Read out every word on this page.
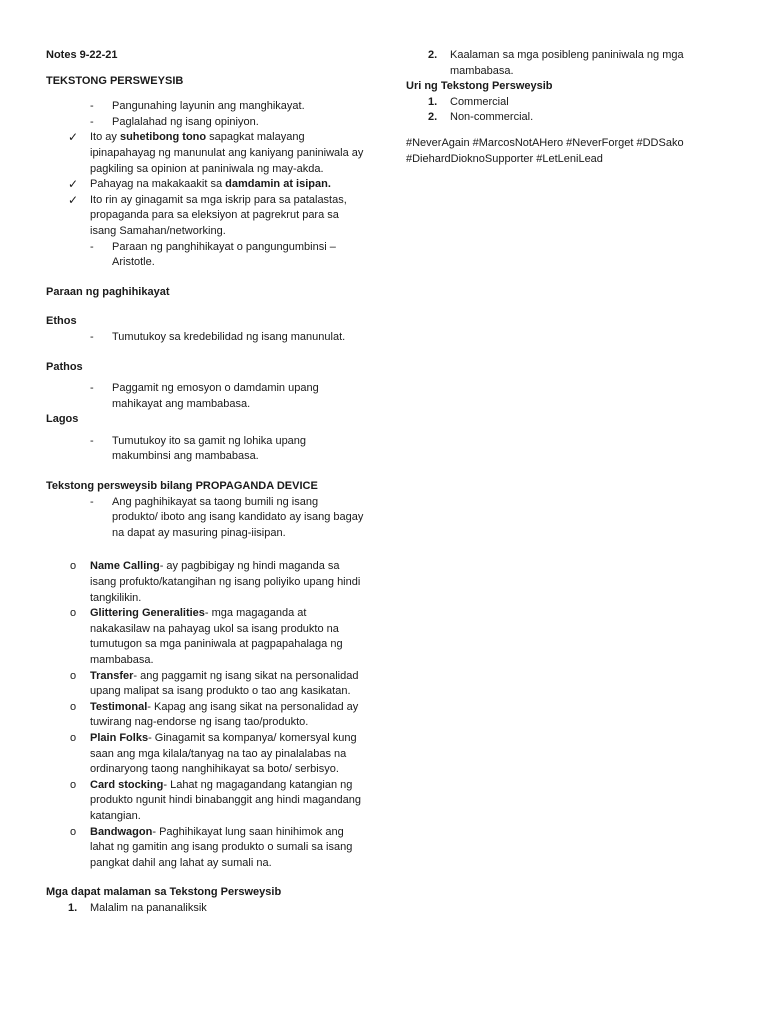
Notes 9-22-21
TEKSTONG PERSWEYSIB
- Pangunahing layunin ang manghikayat.
- Paglalahad ng isang opiniyon.
✓ Ito ay suhetibong tono sapagkat malayang ipinapahayag ng manunulat ang kaniyang paniniwala ay pagkiling sa opinion at paniniwala ng may-akda.
✓ Pahayag na makakaakit sa damdamin at isipan.
✓ Ito rin ay ginagamit sa mga iskrip para sa patalastas, propaganda para sa eleksiyon at pagrekrut para sa isang Samahan/networking.
- Paraan ng panghihikayat o pangungumbinsi – Aristotle.
Paraan ng paghihikayat
Ethos
- Tumutukoy sa kredebilidad ng isang manunulat.
Pathos
- Paggamit ng emosyon o damdamin upang mahikayat ang mambabasa.
Lagos
- Tumutukoy ito sa gamit ng lohika upang makumbinsi ang mambabasa.
Tekstong persweysib bilang PROPAGANDA DEVICE
- Ang paghihikayat sa taong bumili ng isang produkto/ iboto ang isang kandidato ay isang bagay na dapat ay masuring pinag-iisipan.
o Name Calling- ay pagbibigay ng hindi maganda sa isang profukto/katangihan ng isang poliyiko upang hindi tangkilikin.
o Glittering Generalities- mga magaganda at nakakasilaw na pahayag ukol sa isang produkto na tumutugon sa mga paniniwala at pagpapahalaga ng mambabasa.
o Transfer- ang paggamit ng isang sikat na personalidad upang malipat sa isang produkto o tao ang kasikatan.
o Testimonal- Kapag ang isang sikat na personalidad ay tuwirang nag-endorse ng isang tao/produkto.
o Plain Folks- Ginagamit sa kompanya/ komersyal kung saan ang mga kilala/tanyag na tao ay pinalalabas na ordinaryong taong nanghihikayat sa boto/ serbisyo.
o Card stocking- Lahat ng magagandang katangian ng produkto ngunit hindi binabanggit ang hindi magandang katangian.
o Bandwagon- Paghihikayat lung saan hinihimok ang lahat ng gamitin ang isang produkto o sumali sa isang pangkat dahil ang lahat ay sumali na.
Mga dapat malaman sa Tekstong Persweysib
1. Malalim na pananaliksik
2. Kaalaman sa mga posibleng paniniwala ng mga mambabasa.
Uri ng Tekstong Persweysib
1. Commercial
2. Non-commercial.
#NeverAgain #MarcosNotAHero #NeverForget #DDSako #DiehardDioknoSupporter #LetLeniLead
